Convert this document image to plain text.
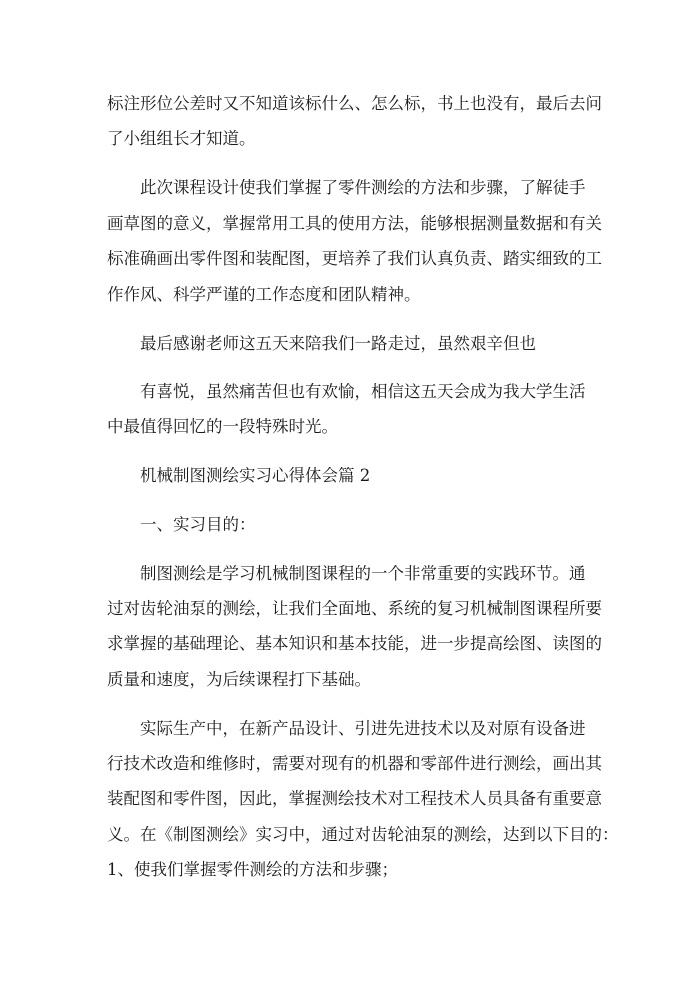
标注形位公差时又不知道该标什么、怎么标，书上也没有，最后去问
了小组组长才知道。
此次课程设计使我们掌握了零件测绘的方法和步骤，了解徒手
画草图的意义，掌握常用工具的使用方法，能够根据测量数据和有关
标准确画出零件图和装配图，更培养了我们认真负责、踏实细致的工
作作风、科学严谨的工作态度和团队精神。
最后感谢老师这五天来陪我们一路走过，虽然艰辛但也
有喜悦，虽然痛苦但也有欢愉，相信这五天会成为我大学生活
中最值得回忆的一段特殊时光。
机械制图测绘实习心得体会篇 2
一、实习目的：
制图测绘是学习机械制图课程的一个非常重要的实践环节。通
过对齿轮油泵的测绘，让我们全面地、系统的复习机械制图课程所要
求掌握的基础理论、基本知识和基本技能，进一步提高绘图、读图的
质量和速度，为后续课程打下基础。
实际生产中，在新产品设计、引进先进技术以及对原有设备进
行技术改造和维修时，需要对现有的机器和零部件进行测绘，画出其
装配图和零件图，因此，掌握测绘技术对工程技术人员具备有重要意
义。在《制图测绘》实习中，通过对齿轮油泵的测绘，达到以下目的：
1、使我们掌握零件测绘的方法和步骤；
